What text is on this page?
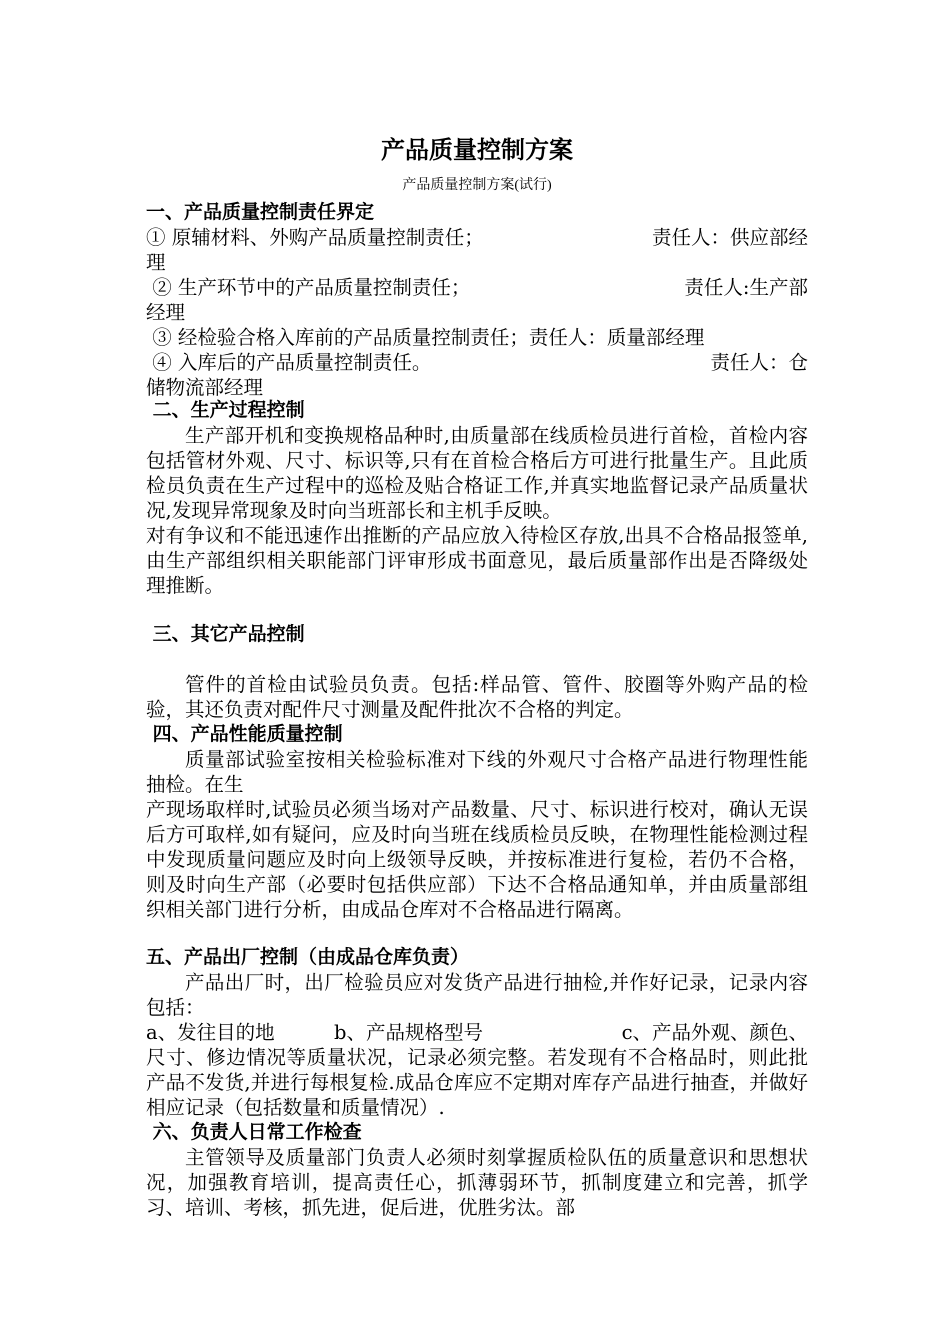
产品质量控制方案
产品质量控制方案(试行)
一、产品质量控制责任界定
① 原辅材料、外购产品质量控制责任；	责任人：供应部经
理
② 生产环节中的产品质量控制责任；	责任人:生产部
经理
③ 经检验合格入库前的产品质量控制责任；责任人：质量部经理
④ 入库后的产品质量控制责任。	责任人：仓
储物流部经理
二、生产过程控制
生产部开机和变换规格品种时,由质量部在线质检员进行首检，首检内容包括管材外观、尺寸、标识等,只有在首检合格后方可进行批量生产。且此质检员负责在生产过程中的巡检及贴合格证工作,并真实地监督记录产品质量状况,发现异常现象及时向当班部长和主机手反映。
对有争议和不能迅速作出推断的产品应放入待检区存放,出具不合格品报签单,由生产部组织相关职能部门评审形成书面意见，最后质量部作出是否降级处理推断。
三、其它产品控制
管件的首检由试验员负责。包括:样品管、管件、胶圈等外购产品的检验，其还负责对配件尺寸测量及配件批次不合格的判定。
四、产品性能质量控制
质量部试验室按相关检验标准对下线的外观尺寸合格产品进行物理性能抽检。在生
产现场取样时,试验员必须当场对产品数量、尺寸、标识进行校对，确认无误后方可取样,如有疑问，应及时向当班在线质检员反映，在物理性能检测过程中发现质量问题应及时向上级领导反映，并按标准进行复检，若仍不合格，则及时向生产部（必要时包括供应部）下达不合格品通知单，并由质量部组织相关部门进行分析，由成品仓库对不合格品进行隔离。
五、产品出厂控制（由成品仓库负责）
产品出厂时，出厂检验员应对发货产品进行抽检,并作好记录，记录内容包括：
a、发往目的地	b、产品规格型号	c、产品外观、颜色、
尺寸、修边情况等质量状况，记录必须完整。若发现有不合格品时，则此批产品不发货,并进行每根复检.成品仓库应不定期对库存产品进行抽查，并做好相应记录（包括数量和质量情况）.
六、负责人日常工作检查
主管领导及质量部门负责人必须时刻掌握质检队伍的质量意识和思想状况，加强教育培训，提高责任心，抓薄弱环节，抓制度建立和完善，抓学习、培训、考核，抓先进，促后进，优胜劣汰。部
